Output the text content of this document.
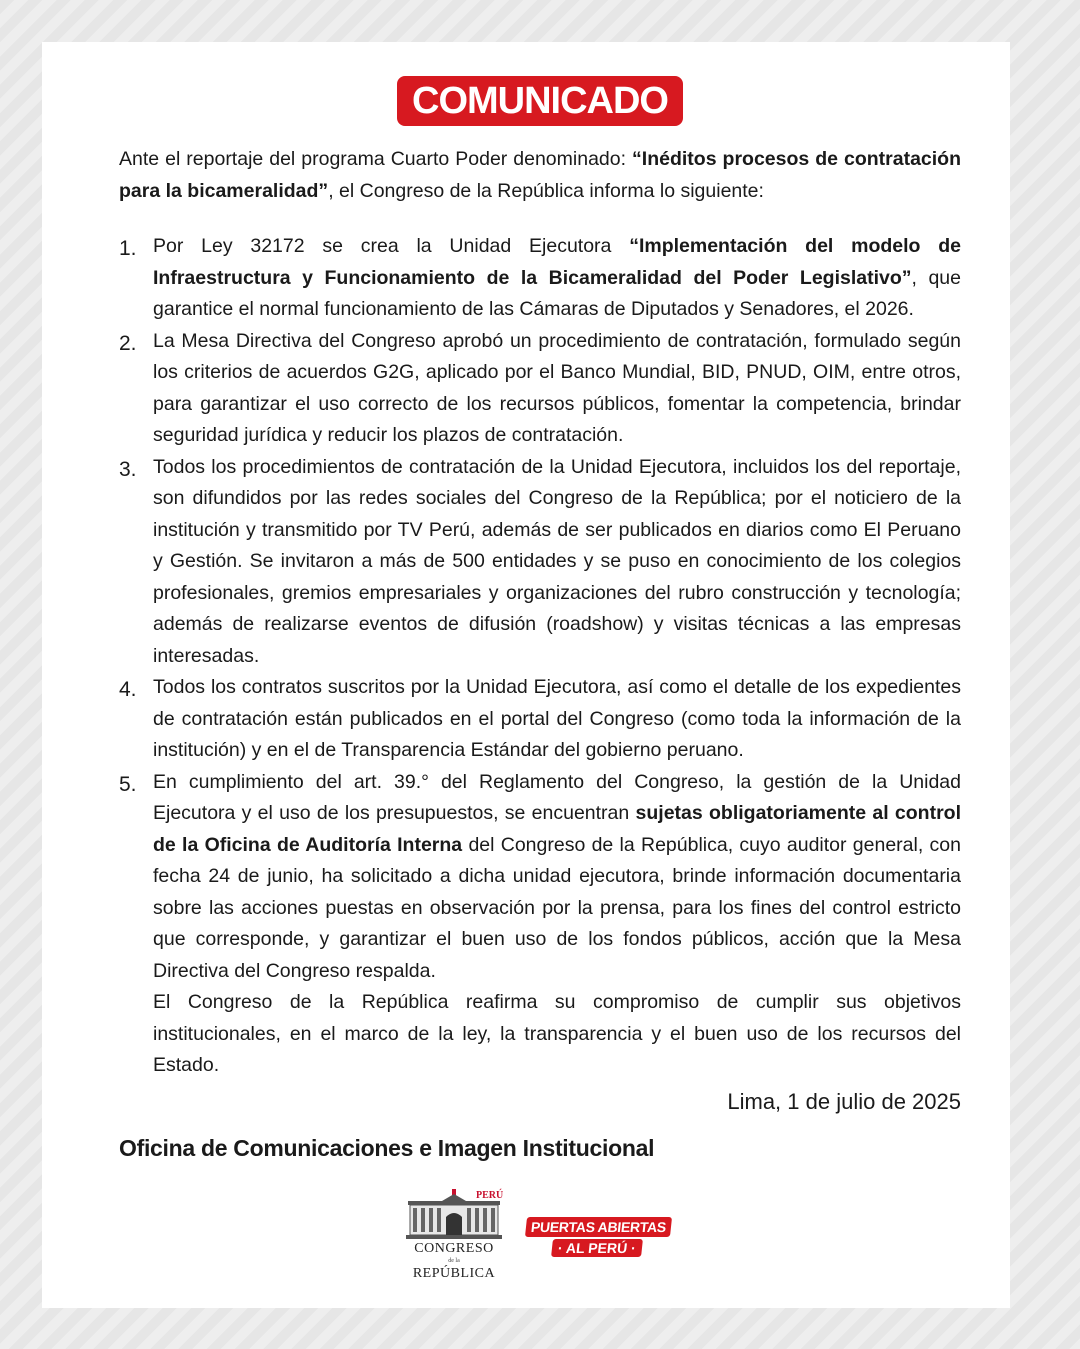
COMUNICADO

Ante el reportaje del programa Cuarto Poder denominado: “Inéditos procesos de contratación para la bicameralidad”, el Congreso de la República informa lo siguiente:

1. Por Ley 32172 se crea la Unidad Ejecutora “Implementación del modelo de Infraestructura y Funcionamiento de la Bicameralidad del Poder Legislativo”, que garantice el normal funcionamiento de las Cámaras de Diputados y Senadores, el 2026.
2. La Mesa Directiva del Congreso aprobó un procedimiento de contratación, formulado según los criterios de acuerdos G2G, aplicado por el Banco Mundial, BID, PNUD, OIM, entre otros, para garantizar el uso correcto de los recursos públicos, fomentar la competencia, brindar seguridad jurídica y reducir los plazos de contratación.
3. Todos los procedimientos de contratación de la Unidad Ejecutora, incluidos los del reportaje, son difundidos por las redes sociales del Congreso de la República; por el noticiero de la institución y transmitido por TV Perú, además de ser publicados en diarios como El Peruano y Gestión. Se invitaron a más de 500 entidades y se puso en conocimiento de los colegios profesionales, gremios empresariales y organizaciones del rubro construcción y tecnología; además de realizarse eventos de difusión (roadshow) y visitas técnicas a las empresas interesadas.
4. Todos los contratos suscritos por la Unidad Ejecutora, así como el detalle de los expedientes de contratación están publicados en el portal del Congreso (como toda la información de la institución) y en el de Transparencia Estándar del gobierno peruano.
5. En cumplimiento del art. 39.° del Reglamento del Congreso, la gestión de la Unidad Ejecutora y el uso de los presupuestos, se encuentran sujetas obligatoriamente al control de la Oficina de Auditoría Interna del Congreso de la República, cuyo auditor general, con fecha 24 de junio, ha solicitado a dicha unidad ejecutora, brinde información documentaria sobre las acciones puestas en observación por la prensa, para los fines del control estricto que corresponde, y garantizar el buen uso de los fondos públicos, acción que la Mesa Directiva del Congreso respalda.

El Congreso de la República reafirma su compromiso de cumplir sus objetivos institucionales, en el marco de la ley, la transparencia y el buen uso de los recursos del Estado.

Lima, 1 de julio de 2025
Oficina de Comunicaciones e Imagen Institucional
PERÚ
CONGRESO
de la
REPÚBLICA
PUERTAS ABIERTAS
· AL PERÚ ·
